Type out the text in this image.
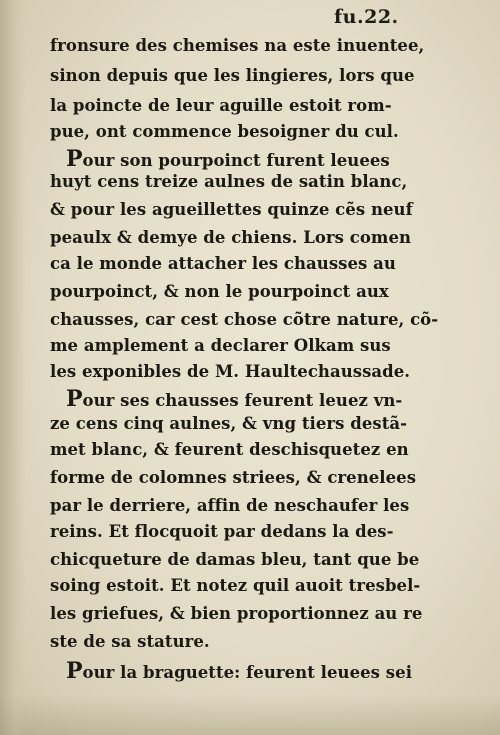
fu.22.
fronsure des chemises na este inuentee,
sinon depuis que les lingieres, lors que
la poincte de leur aguille estoit rom-
pue, ont commence besoigner du cul.
Pour son pourpoinct furent leuees
huyt cens treize aulnes de satin blanc,
& pour les agueillettes quinze cẽs neuf
peaulx & demye de chiens. Lors comen
ca le monde attacher les chausses au
pourpoinct, & non le pourpoinct aux
chausses, car cest chose cõtre nature, cõ-
me amplement a declarer Olkam sus
les exponibles de M. Haultechaussade.
Pour ses chausses feurent leuez vn-
ze cens cinq aulnes, & vng tiers destã-
met blanc, & feurent deschisquetez en
forme de colomnes striees, & crenelees
par le derriere, affin de neschaufer les
reins. Et flocquoit par dedans la des-
chicqueture de damas bleu, tant que be
soing estoit. Et notez quil auoit tresbel-
les griefues, & bien proportionnez au re
ste de sa stature.
Pour la braguette: feurent leuees sei
